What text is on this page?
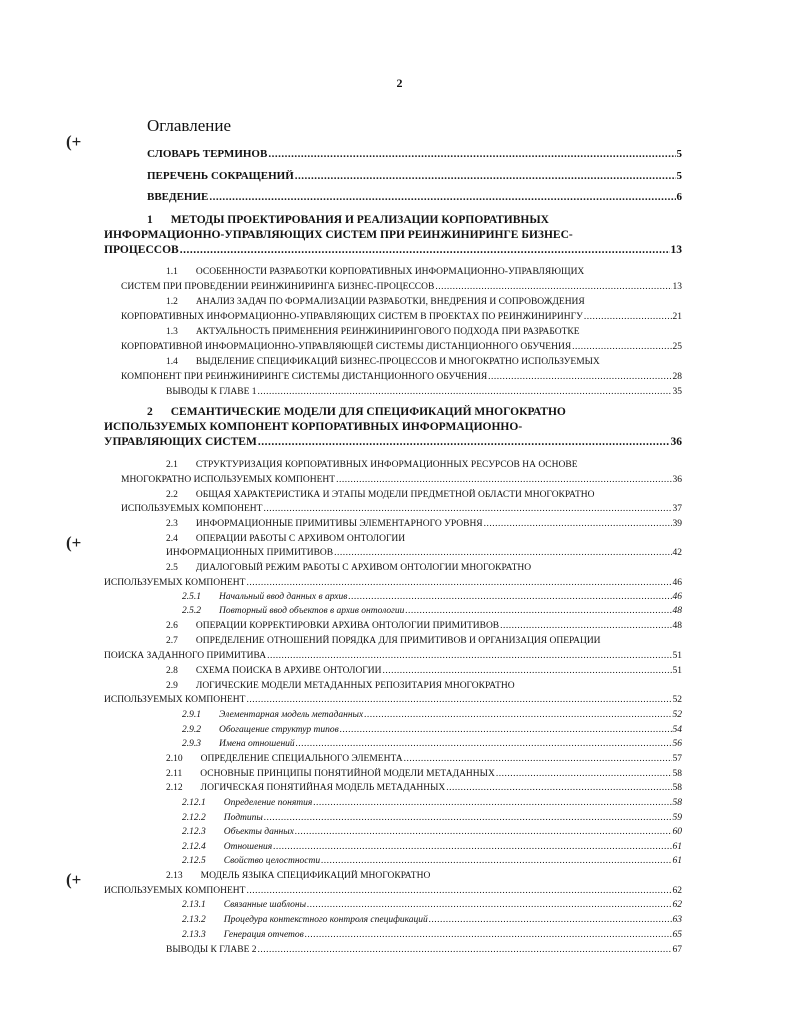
2
Оглавление
(+
(+
(+
СЛОВАРЬ ТЕРМИНОВ .....	5
ПЕРЕЧЕНЬ СОКРАЩЕНИЙ .....	5
ВВЕДЕНИЕ .....	6
1 МЕТОДЫ ПРОЕКТИРОВАНИЯ И РЕАЛИЗАЦИИ КОРПОРАТИВНЫХ
ИНФОРМАЦИОННО-УПРАВЛЯЮЩИХ СИСТЕМ ПРИ РЕИНЖИНИРИНГЕ БИЗНЕС-
ПРОЦЕССОВ .....	13
1.1 ОСОБЕННОСТИ РАЗРАБОТКИ КОРПОРАТИВНЫХ ИНФОРМАЦИОННО-УПРАВЛЯЮЩИХ
СИСТЕМ ПРИ ПРОВЕДЕНИИ РЕИНЖИНИРИНГА БИЗНЕС-ПРОЦЕССОВ .....	13
1.2 АНАЛИЗ ЗАДАЧ ПО ФОРМАЛИЗАЦИИ РАЗРАБОТКИ, ВНЕДРЕНИЯ И СОПРОВОЖДЕНИЯ
КОРПОРАТИВНЫХ ИНФОРМАЦИОННО-УПРАВЛЯЮЩИХ СИСТЕМ В ПРОЕКТАХ ПО РЕИНЖИНИРИНГУ .....	21
1.3 АКТУАЛЬНОСТЬ ПРИМЕНЕНИЯ РЕИНЖИНИРИНГОВОГО ПОДХОДА ПРИ РАЗРАБОТКЕ
КОРПОРАТИВНОЙ ИНФОРМАЦИОННО-УПРАВЛЯЮЩЕЙ СИСТЕМЫ ДИСТАНЦИОННОГО ОБУЧЕНИЯ .....	25
1.4 ВЫДЕЛЕНИЕ СПЕЦИФИКАЦИЙ БИЗНЕС-ПРОЦЕССОВ И МНОГОКРАТНО ИСПОЛЬЗУЕМЫХ
КОМПОНЕНТ ПРИ РЕИНЖИНИРИНГЕ СИСТЕМЫ ДИСТАНЦИОННОГО ОБУЧЕНИЯ .....	28
ВЫВОДЫ К ГЛАВЕ 1 .....	35
2 СЕМАНТИЧЕСКИЕ МОДЕЛИ ДЛЯ СПЕЦИФИКАЦИЙ МНОГОКРАТНО
ИСПОЛЬЗУЕМЫХ КОМПОНЕНТ КОРПОРАТИВНЫХ ИНФОРМАЦИОННО-
УПРАВЛЯЮЩИХ СИСТЕМ .....	36
2.1 СТРУКТУРИЗАЦИЯ КОРПОРАТИВНЫХ ИНФОРМАЦИОННЫХ РЕСУРСОВ НА ОСНОВЕ
МНОГОКРАТНО ИСПОЛЬЗУЕМЫХ КОМПОНЕНТ .....	36
2.2 ОБЩАЯ ХАРАКТЕРИСТИКА И ЭТАПЫ МОДЕЛИ ПРЕДМЕТНОЙ ОБЛАСТИ МНОГОКРАТНО
ИСПОЛЬЗУЕМЫХ КОМПОНЕНТ .....	37
2.3 ИНФОРМАЦИОННЫЕ ПРИМИТИВЫ ЭЛЕМЕНТАРНОГО УРОВНЯ .....	39
2.4 ОПЕРАЦИИ РАБОТЫ С АРХИВОМ ОНТОЛОГИИ
ИНФОРМАЦИОННЫХ ПРИМИТИВОВ .....	42
2.5 ДИАЛОГОВЫЙ РЕЖИМ РАБОТЫ С АРХИВОМ ОНТОЛОГИИ МНОГОКРАТНО
ИСПОЛЬЗУЕМЫХ КОМПОНЕНТ .....	46
2.5.1 Начальный ввод данных в архив .....	46
2.5.2 Повторный ввод объектов в архив онтологии .....	48
2.6 ОПЕРАЦИИ КОРРЕКТИРОВКИ АРХИВА ОНТОЛОГИИ ПРИМИТИВОВ .....	48
2.7 ОПРЕДЕЛЕНИЕ ОТНОШЕНИЙ ПОРЯДКА ДЛЯ ПРИМИТИВОВ И ОРГАНИЗАЦИЯ ОПЕРАЦИИ
ПОИСКА ЗАДАННОГО ПРИМИТИВА .....	51
2.8 СХЕМА ПОИСКА В АРХИВЕ ОНТОЛОГИИ .....	51
2.9 ЛОГИЧЕСКИЕ МОДЕЛИ МЕТАДАННЫХ РЕПОЗИТАРИЯ МНОГОКРАТНО
ИСПОЛЬЗУЕМЫХ КОМПОНЕНТ .....	52
2.9.1 Элементарная модель метаданных .....	52
2.9.2 Обогащение структур типов .....	54
2.9.3 Имена отношений .....	56
2.10 ОПРЕДЕЛЕНИЕ СПЕЦИАЛЬНОГО ЭЛЕМЕНТА .....	57
2.11 ОСНОВНЫЕ ПРИНЦИПЫ ПОНЯТИЙНОЙ МОДЕЛИ МЕТАДАННЫХ .....	58
2.12 ЛОГИЧЕСКАЯ ПОНЯТИЙНАЯ МОДЕЛЬ МЕТАДАННЫХ .....	58
2.12.1 Определение понятия .....	58
2.12.2 Подтипы .....	59
2.12.3 Объекты данных .....	60
2.12.4 Отношения .....	61
2.12.5 Свойство целостности .....	61
2.13 МОДЕЛЬ ЯЗЫКА СПЕЦИФИКАЦИЙ МНОГОКРАТНО
ИСПОЛЬЗУЕМЫХ КОМПОНЕНТ .....	62
2.13.1 Связанные шаблоны .....	62
2.13.2 Процедура контекстного контроля спецификаций .....	63
2.13.3 Генерация отчетов .....	65
ВЫВОДЫ К ГЛАВЕ 2 .....	67
